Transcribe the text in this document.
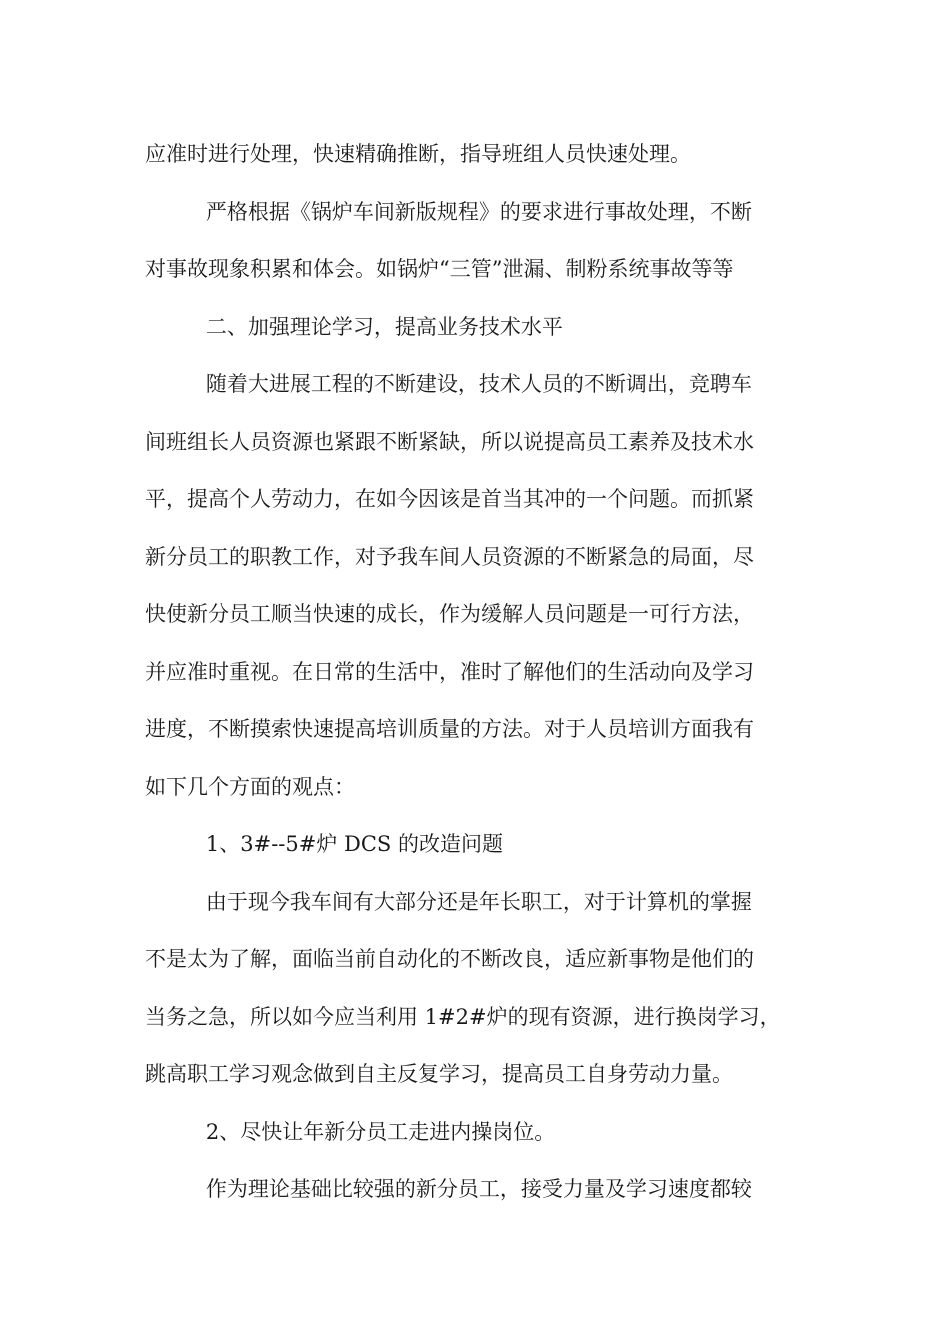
应准时进行处理，快速精确推断，指导班组人员快速处理。

严格根据《锅炉车间新版规程》的要求进行事故处理，不断
对事故现象积累和体会。如锅炉“三管”泄漏、制粉系统事故等等

二、加强理论学习，提高业务技术水平

随着大进展工程的不断建设，技术人员的不断调出，竞聘车
间班组长人员资源也紧跟不断紧缺，所以说提高员工素养及技术水
平，提高个人劳动力，在如今因该是首当其冲的一个问题。而抓紧
新分员工的职教工作，对予我车间人员资源的不断紧急的局面，尽
快使新分员工顺当快速的成长，作为缓解人员问题是一可行方法，
并应准时重视。在日常的生活中，准时了解他们的生活动向及学习
进度，不断摸索快速提高培训质量的方法。对于人员培训方面我有
如下几个方面的观点：

1、3#--5#炉 DCS 的改造问题

由于现今我车间有大部分还是年长职工，对于计算机的掌握
不是太为了解，面临当前自动化的不断改良，适应新事物是他们的
当务之急，所以如今应当利用 1#2#炉的现有资源，进行换岗学习，
跳高职工学习观念做到自主反复学习，提高员工自身劳动力量。

2、尽快让年新分员工走进内操岗位。

作为理论基础比较强的新分员工，接受力量及学习速度都较
